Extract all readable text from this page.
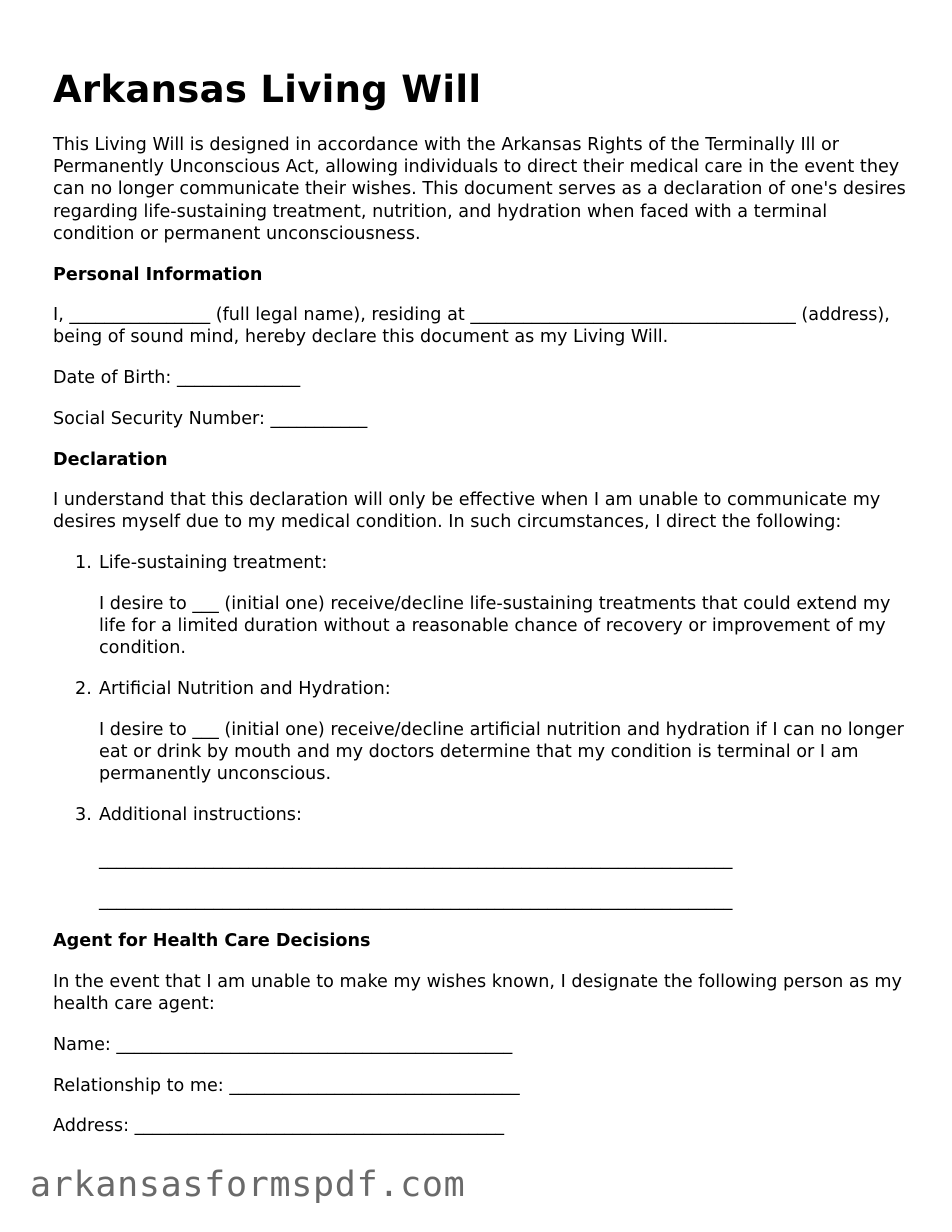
Arkansas Living Will

This Living Will is designed in accordance with the Arkansas Rights of the Terminally Ill or Permanently Unconscious Act, allowing individuals to direct their medical care in the event they can no longer communicate their wishes. This document serves as a declaration of one's desires regarding life-sustaining treatment, nutrition, and hydration when faced with a terminal condition or permanent unconsciousness.

Personal Information

I, ________________ (full legal name), residing at _____________________________________ (address), being of sound mind, hereby declare this document as my Living Will.

Date of Birth: ______________

Social Security Number: ___________

Declaration

I understand that this declaration will only be effective when I am unable to communicate my desires myself due to my medical condition. In such circumstances, I direct the following:

1. Life-sustaining treatment:

I desire to ___ (initial one) receive/decline life-sustaining treatments that could extend my life for a limited duration without a reasonable chance of recovery or improvement of my condition.

2. Artificial Nutrition and Hydration:

I desire to ___ (initial one) receive/decline artificial nutrition and hydration if I can no longer eat or drink by mouth and my doctors determine that my condition is terminal or I am permanently unconscious.

3. Additional instructions:

________________________________________________________________________

________________________________________________________________________

Agent for Health Care Decisions

In the event that I am unable to make my wishes known, I designate the following person as my health care agent:

Name: _____________________________________________

Relationship to me: _________________________________

Address: __________________________________________

arkansasformspdf.com
